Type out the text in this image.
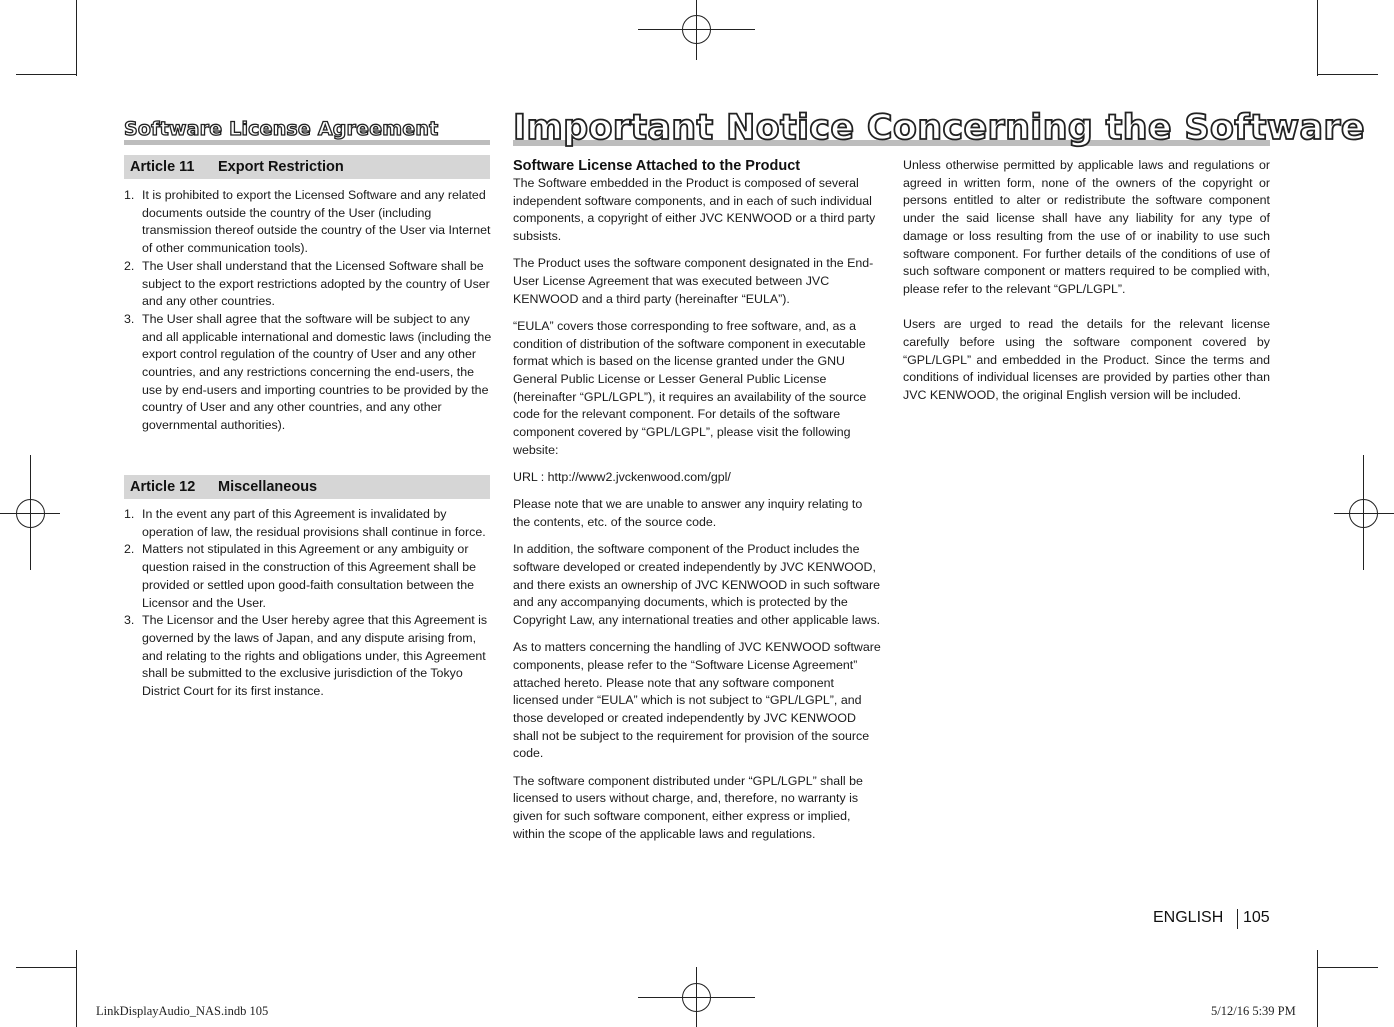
Software License Agreement
Article 11 Export Restriction
1. It is prohibited to export the Licensed Software and any related documents outside the country of the User (including transmission thereof outside the country of the User via Internet of other communication tools).
2. The User shall understand that the Licensed Software shall be subject to the export restrictions adopted by the country of User and any other countries.
3. The User shall agree that the software will be subject to any and all applicable international and domestic laws (including the export control regulation of the country of User and any other countries, and any restrictions concerning the end-users, the use by end-users and importing countries to be provided by the country of User and any other countries, and any other governmental authorities).
Article 12 Miscellaneous
1. In the event any part of this Agreement is invalidated by operation of law, the residual provisions shall continue in force.
2. Matters not stipulated in this Agreement or any ambiguity or question raised in the construction of this Agreement shall be provided or settled upon good-faith consultation between the Licensor and the User.
3. The Licensor and the User hereby agree that this Agreement is governed by the laws of Japan, and any dispute arising from, and relating to the rights and obligations under, this Agreement shall be submitted to the exclusive jurisdiction of the Tokyo District Court for its first instance.
Important Notice Concerning the Software
Software License Attached to the Product

The Software embedded in the Product is composed of several independent software components, and in each of such individual components, a copyright of either JVC KENWOOD or a third party subsists.

The Product uses the software component designated in the End-User License Agreement that was executed between JVC KENWOOD and a third party (hereinafter “EULA”).

“EULA” covers those corresponding to free software, and, as a condition of distribution of the software component in executable format which is based on the license granted under the GNU General Public License or Lesser General Public License (hereinafter “GPL/LGPL”), it requires an availability of the source code for the relevant component. For details of the software component covered by “GPL/LGPL”, please visit the following website:

URL : http://www2.jvckenwood.com/gpl/

Please note that we are unable to answer any inquiry relating to the contents, etc. of the source code.

In addition, the software component of the Product includes the software developed or created independently by JVC KENWOOD, and there exists an ownership of JVC KENWOOD in such software and any accompanying documents, which is protected by the Copyright Law, any international treaties and other applicable laws.

As to matters concerning the handling of JVC KENWOOD software components, please refer to the “Software License Agreement” attached hereto. Please note that any software component licensed under “EULA” which is not subject to “GPL/LGPL”, and those developed or created independently by JVC KENWOOD shall not be subject to the requirement for provision of the source code.

The software component distributed under “GPL/LGPL” shall be licensed to users without charge, and, therefore, no warranty is given for such software component, either express or implied, within the scope of the applicable laws and regulations.

Unless otherwise permitted by applicable laws and regulations or agreed in written form, none of the owners of the copyright or persons entitled to alter or redistribute the software component under the said license shall have any liability for any type of damage or loss resulting from the use of or inability to use such software component. For further details of the conditions of use of such software component or matters required to be complied with, please refer to the relevant “GPL/LGPL”.

Users are urged to read the details for the relevant license carefully before using the software component covered by “GPL/LGPL” and embedded in the Product. Since the terms and conditions of individual licenses are provided by parties other than JVC KENWOOD, the original English version will be included.

ENGLISH 105
LinkDisplayAudio_NAS.indb 105	5/12/16 5:39 PM
